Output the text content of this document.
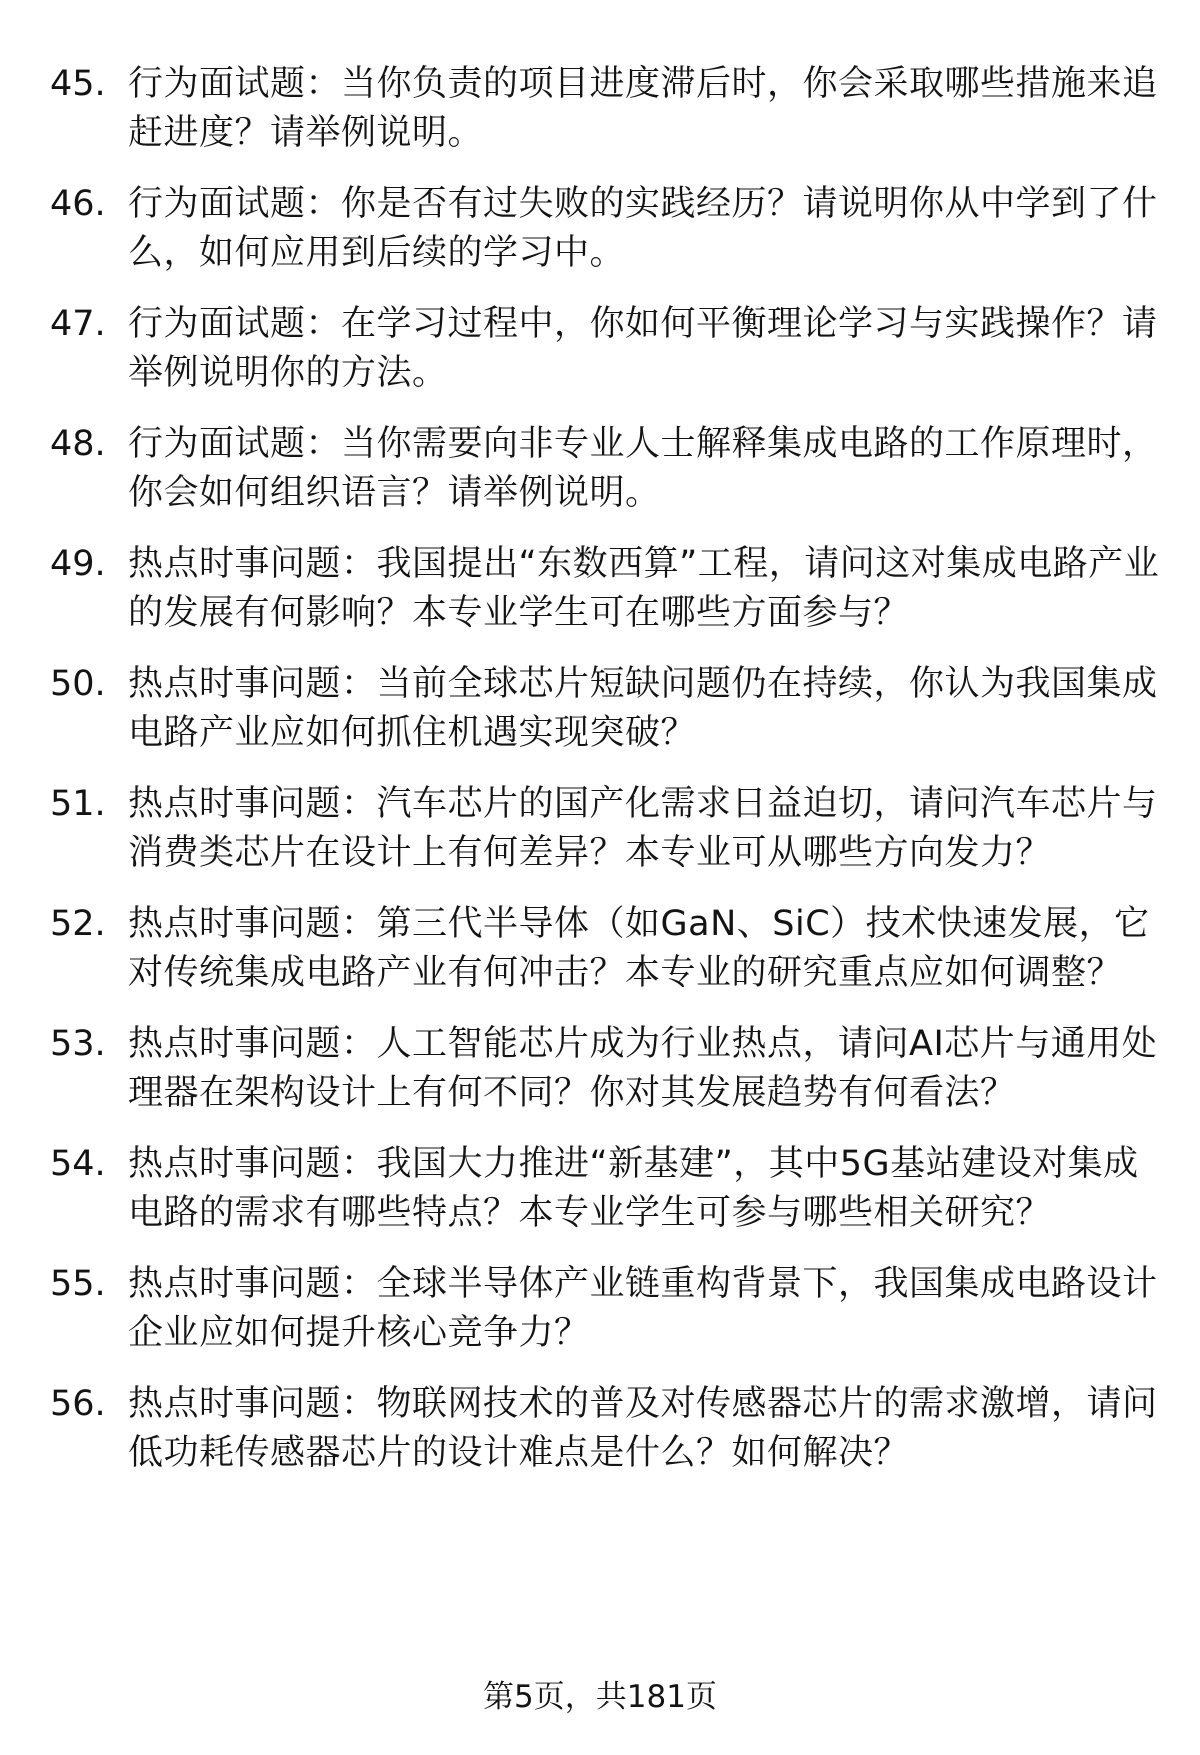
45. 行为面试题：当你负责的项目进度滞后时，你会采取哪些措施来追赶进度？请举例说明。
46. 行为面试题：你是否有过失败的实践经历？请说明你从中学到了什么，如何应用到后续的学习中。
47. 行为面试题：在学习过程中，你如何平衡理论学习与实践操作？请举例说明你的方法。
48. 行为面试题：当你需要向非专业人士解释集成电路的工作原理时，你会如何组织语言？请举例说明。
49. 热点时事问题：我国提出“东数西算”工程，请问这对集成电路产业的发展有何影响？本专业学生可在哪些方面参与？
50. 热点时事问题：当前全球芯片短缺问题仍在持续，你认为我国集成电路产业应如何抓住机遇实现突破？
51. 热点时事问题：汽车芯片的国产化需求日益迫切，请问汽车芯片与消费类芯片在设计上有何差异？本专业可从哪些方向发力？
52. 热点时事问题：第三代半导体（如GaN、SiC）技术快速发展，它对传统集成电路产业有何冲击？本专业的研究重点应如何调整？
53. 热点时事问题：人工智能芯片成为行业热点，请问AI芯片与通用处理器在架构设计上有何不同？你对其发展趋势有何看法？
54. 热点时事问题：我国大力推进“新基建”，其中5G基站建设对集成电路的需求有哪些特点？本专业学生可参与哪些相关研究？
55. 热点时事问题：全球半导体产业链重构背景下，我国集成电路设计企业应如何提升核心竞争力？
56. 热点时事问题：物联网技术的普及对传感器芯片的需求激增，请问低功耗传感器芯片的设计难点是什么？如何解决？
第5页，共181页
